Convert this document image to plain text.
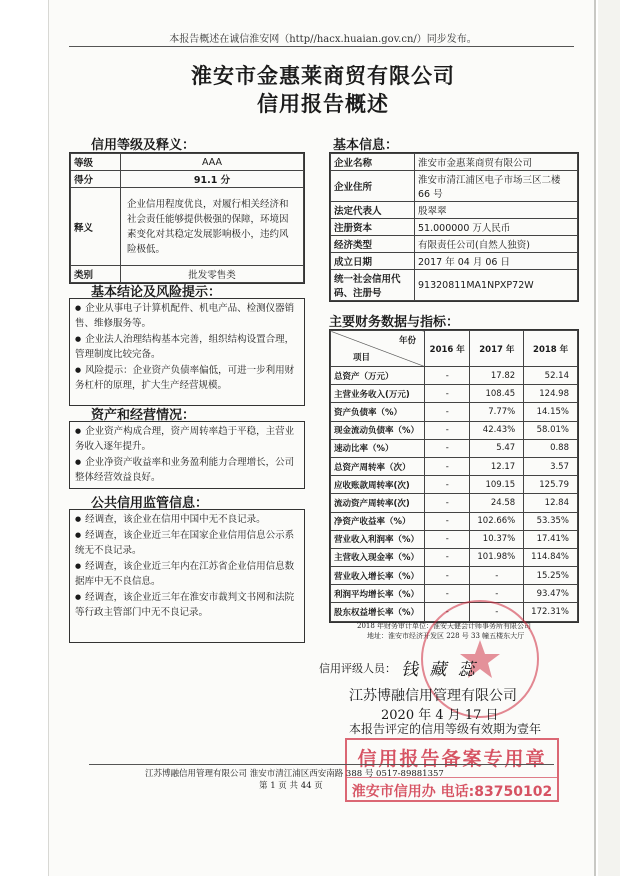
本报告概述在诚信淮安网（http//hacx.huaian.gov.cn/）同步发布。
淮安市金惠莱商贸有限公司
信用报告概述
信用等级及释义：
等级	AAA
得分	91.1 分
释义	企业信用程度优良，对履行相关经济和社会责任能够提供极强的保障，环境因素变化对其稳定发展影响极小，违约风险极低。
类别	批发零售类
基本结论及风险提示：

● 企业从事电子计算机配件、机电产品、检测仪器销售、维修服务等。

● 企业法人治理结构基本完善，组织结构设置合理，管理制度比较完备。

● 风险提示：企业资产负债率偏低，可进一步利用财务杠杆的原理，扩大生产经营规模。

资产和经营情况：

● 企业资产构成合理，资产周转率趋于平稳，主营业务收入逐年提升。

● 企业净资产收益率和业务盈利能力合理增长，公司整体经营效益良好。

公共信用监管信息：

● 经调查，该企业在信用中国中无不良记录。

● 经调查，该企业近三年在国家企业信用信息公示系统无不良记录。

● 经调查，该企业近三年内在江苏省企业信用信息数据库中无不良信息。

● 经调查，该企业近三年在淮安市裁判文书网和法院等行政主管部门中无不良记录。

基本信息：
企业名称	淮安市金惠莱商贸有限公司
企业住所	淮安市清江浦区电子市场三区二楼 66 号
法定代表人	殷翠翠
注册资本	51.000000 万人民币
经济类型	有限责任公司(自然人独资)
成立日期	2017 年 04 月 06 日
统一社会信用代码、注册号	91320811MA1NPXP72W
主要财务数据与指标：
年份
项目	2016 年	2017 年	2018 年
总资产（万元）	-	17.82	52.14
主营业务收入(万元)	-	108.45	124.98
资产负债率（%）	-	7.77%	14.15%
现金流动负债率（%）	-	42.43%	58.01%
速动比率（%）	-	5.47	0.88
总资产周转率（次）	-	12.17	3.57
应收账款周转率(次)	-	109.15	125.79
流动资产周转率(次)	-	24.58	12.84
净资产收益率（%）	-	102.66%	53.35%
营业收入利润率（%）	-	10.37%	17.41%
主营收入现金率（%）	-	101.98%	114.84%
营业收入增长率（%）	-	-	15.25%
利润平均增长率（%）	-	-	93.47%
股东权益增长率（%）	-	-	172.31%
2018 年财务审计单位：淮安天健会计师事务所有限公司
地址：淮安市经济开发区 228 号 33 幢五楼东大厅
信用评级人员： 钱 藏 蕊
江苏博融信用管理有限公司
2020 年 4 月 17 日
本报告评定的信用等级有效期为壹年
信用报告备案专用章
淮安市信用办 电话:83750102
江苏博融信用管理有限公司 淮安市清江浦区西安南路 388 号 0517-89881357
第 1 页 共 44 页
